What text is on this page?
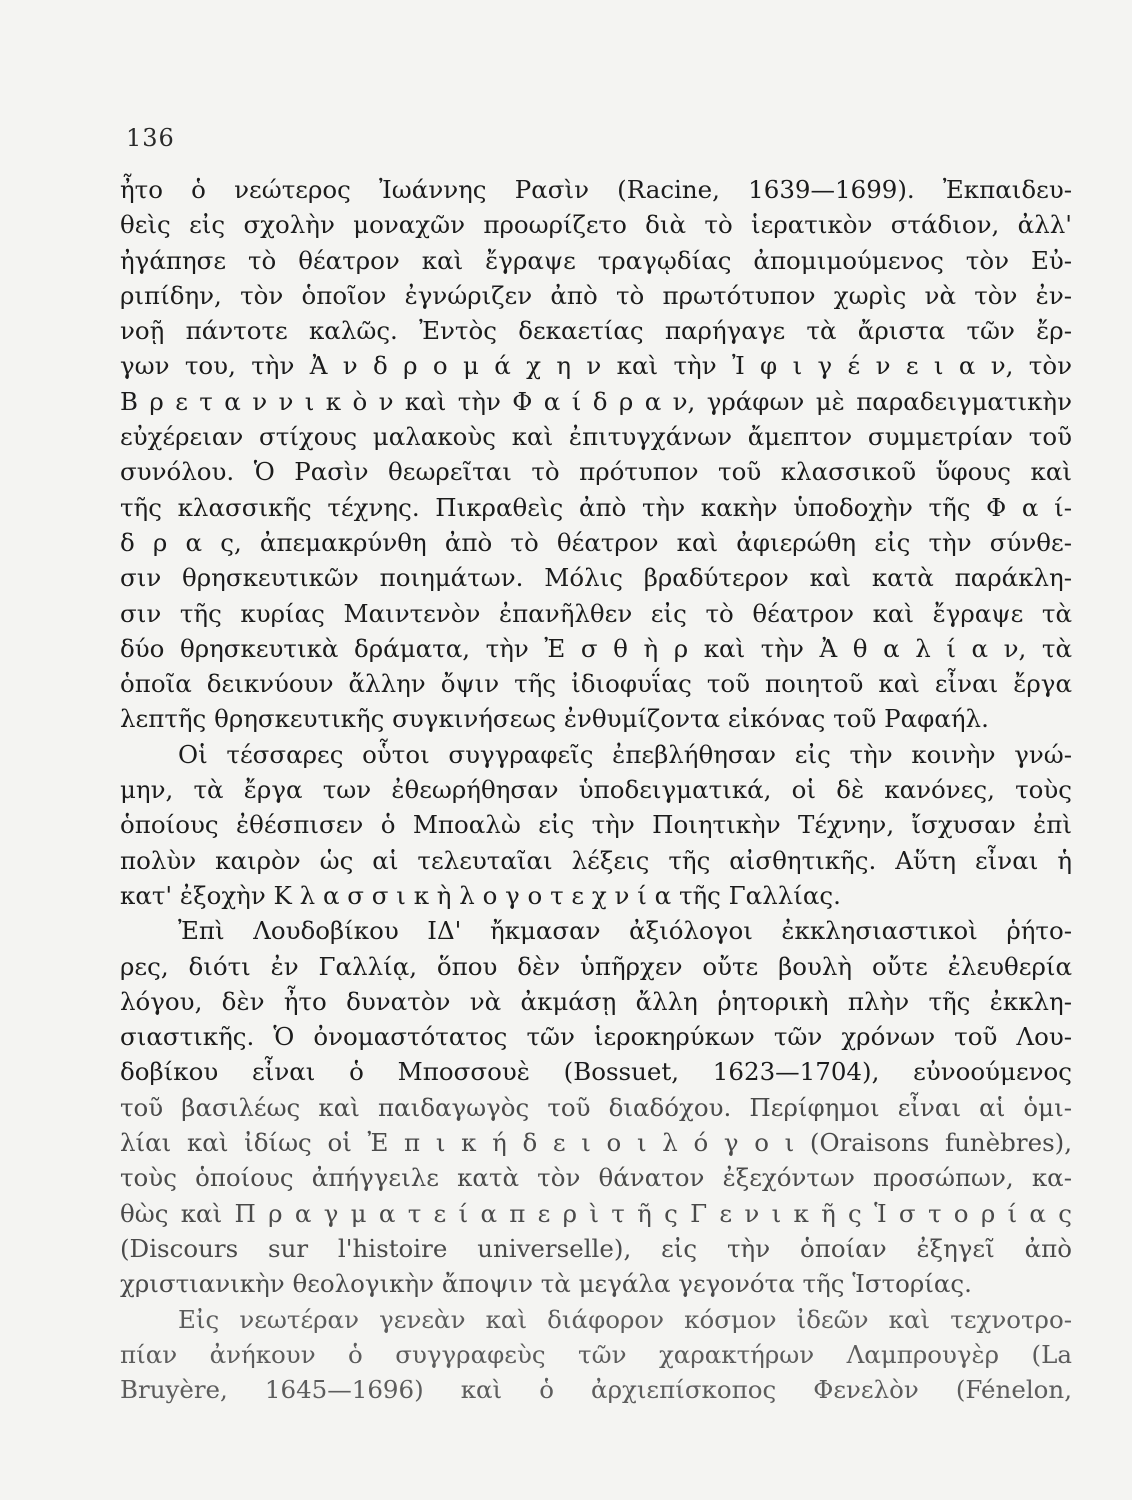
136
ἦτο ὁ νεώτερος Ἰωάννης Ρασὶν (Racine, 1639—1699). Ἐκπαιδευ-
θεὶς εἰς σχολὴν μοναχῶν προωρίζετο διὰ τὸ ἱερατικὸν στάδιον, ἀλλ'
ἠγάπησε τὸ θέατρον καὶ ἔγραψε τραγῳδίας ἀπομιμούμενος τὸν Εὐ-
ριπίδην, τὸν ὁποῖον ἐγνώριζεν ἀπὸ τὸ πρωτότυπον χωρὶς νὰ τὸν ἐν-
νοῇ πάντοτε καλῶς. Ἐντὸς δεκαετίας παρήγαγε τὰ ἄριστα τῶν ἔρ-
γων του, τὴν Ἀ ν δ ρ ο μ ά χ η ν καὶ τὴν Ἰ φ ι γ έ ν ε ι α ν, τὸν
Β ρ ε τ α ν ν ι κ ὸ ν καὶ τὴν Φ α ί δ ρ α ν, γράφων μὲ παραδειγματικὴν
εὐχέρειαν στίχους μαλακοὺς καὶ ἐπιτυγχάνων ἄμεπτον συμμετρίαν τοῦ
συνόλου. Ὁ Ρασὶν θεωρεῖται τὸ πρότυπον τοῦ κλασσικοῦ ὕφους καὶ
τῆς κλασσικῆς τέχνης. Πικραθεὶς ἀπὸ τὴν κακὴν ὑποδοχὴν τῆς Φ α ί-
δ ρ α ς, ἀπεμακρύνθη ἀπὸ τὸ θέατρον καὶ ἀφιερώθη εἰς τὴν σύνθε-
σιν θρησκευτικῶν ποιημάτων. Μόλις βραδύτερον καὶ κατὰ παράκλη-
σιν τῆς κυρίας Μαιντενὸν ἐπανῆλθεν εἰς τὸ θέατρον καὶ ἔγραψε τὰ
δύο θρησκευτικὰ δράματα, τὴν Ἐ σ θ ὴ ρ καὶ τὴν Ἀ θ α λ ί α ν, τὰ
ὁποῖα δεικνύουν ἄλλην ὄψιν τῆς ἰδιοφυΐας τοῦ ποιητοῦ καὶ εἶναι ἔργα
λεπτῆς θρησκευτικῆς συγκινήσεως ἐνθυμίζοντα εἰκόνας τοῦ Ραφαήλ.
Οἱ τέσσαρες οὗτοι συγγραφεῖς ἐπεβλήθησαν εἰς τὴν κοινὴν γνώ-
μην, τὰ ἔργα των ἐθεωρήθησαν ὑποδειγματικά, οἱ δὲ κανόνες, τοὺς
ὁποίους ἐθέσπισεν ὁ Μποαλὼ εἰς τὴν Ποιητικὴν Τέχνην, ἴσχυσαν ἐπὶ
πολὺν καιρὸν ὡς αἱ τελευταῖαι λέξεις τῆς αἰσθητικῆς. Αὕτη εἶναι ἡ
κατ' ἐξοχὴν Κ λ α σ σ ι κ ὴ λ ο γ ο τ ε χ ν ί α τῆς Γαλλίας.
Ἐπὶ Λουδοβίκου ΙΔ' ἤκμασαν ἀξιόλογοι ἐκκλησιαστικοὶ ῥήτο-
ρες, διότι ἐν Γαλλίᾳ, ὅπου δὲν ὑπῆρχεν οὔτε βουλὴ οὔτε ἐλευθερία
λόγου, δὲν ἦτο δυνατὸν νὰ ἀκμάσῃ ἄλλη ῥητορικὴ πλὴν τῆς ἐκκλη-
σιαστικῆς. Ὁ ὀνομαστότατος τῶν ἱεροκηρύκων τῶν χρόνων τοῦ Λου-
δοβίκου εἶναι ὁ Μποσσουὲ (Bossuet, 1623—1704), εὐνοούμενος
τοῦ βασιλέως καὶ παιδαγωγὸς τοῦ διαδόχου. Περίφημοι εἶναι αἱ ὁμι-
λίαι καὶ ἰδίως οἱ Ἐ π ι κ ή δ ε ι ο ι λ ό γ ο ι (Oraisons funèbres),
τοὺς ὁποίους ἀπήγγειλε κατὰ τὸν θάνατον ἐξεχόντων προσώπων, κα-
θὼς καὶ Π ρ α γ μ α τ ε ί α π ε ρ ὶ τ ῆ ς Γ ε ν ι κ ῆ ς Ἱ σ τ ο ρ ί α ς
(Discours sur l'histoire universelle), εἰς τὴν ὁποίαν ἐξηγεῖ ἀπὸ
χριστιανικὴν θεολογικὴν ἄποψιν τὰ μεγάλα γεγονότα τῆς Ἱστορίας.
Εἰς νεωτέραν γενεὰν καὶ διάφορον κόσμον ἰδεῶν καὶ τεχνοτρο-
πίαν ἀνήκουν ὁ συγγραφεὺς τῶν χαρακτήρων Λαμπρουγὲρ (La
Bruyère, 1645—1696) καὶ ὁ ἀρχιεπίσκοπος Φενελὸν (Fénelon,
